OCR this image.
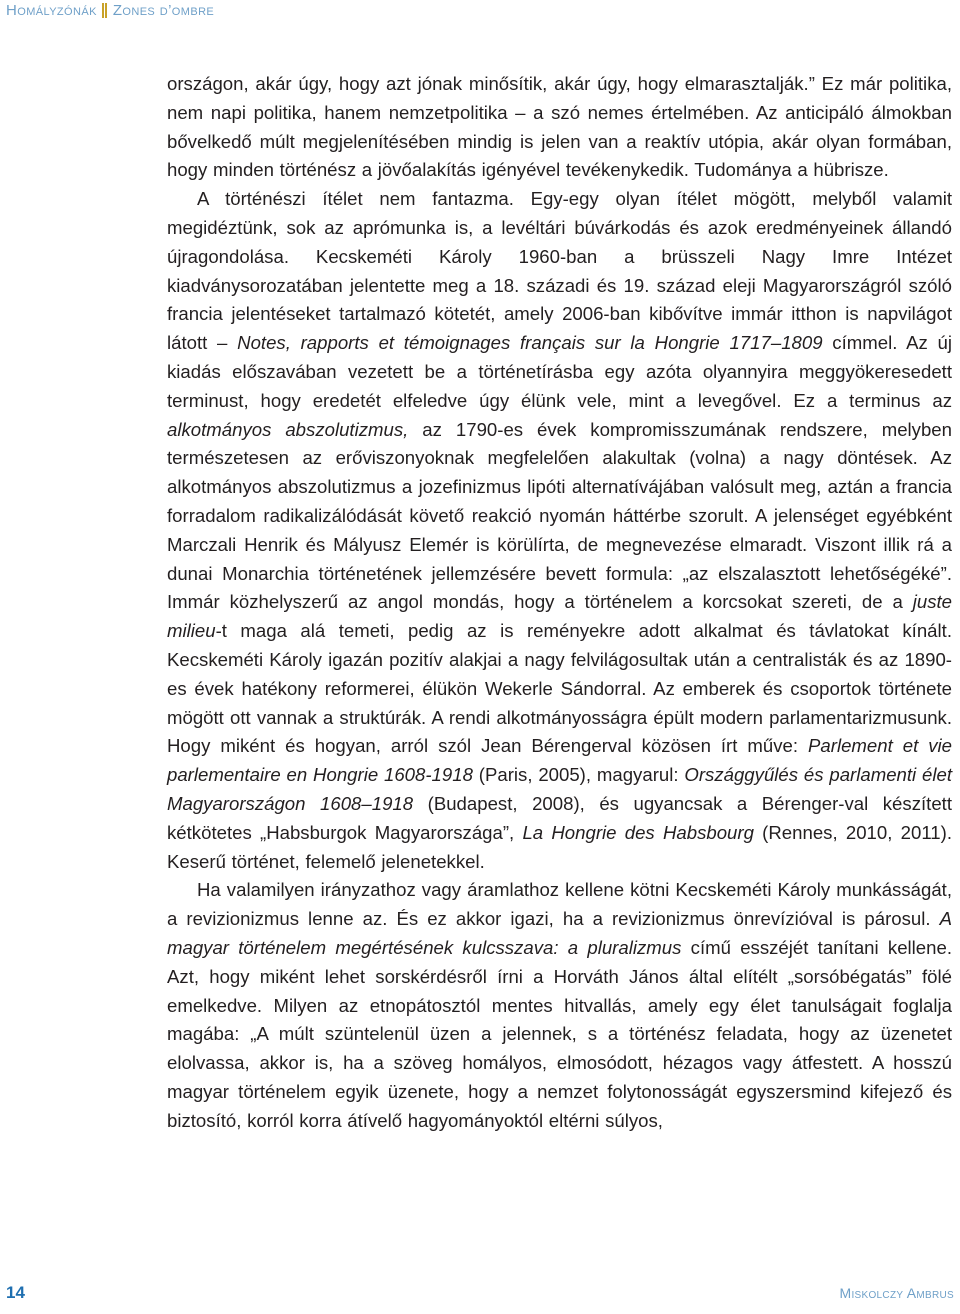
Homályzónák Zones d’ombre

országon, akár úgy, hogy azt jónak minősítik, akár úgy, hogy elmarasztalják.” Ez már politika, nem napi politika, hanem nemzetpolitika – a szó nemes értelmében. Az anticipáló álmokban bővelkedő múlt megjelenítésében mindig is jelen van a reaktív utópia, akár olyan formában, hogy minden történész a jövőalakítás igényével tevékenykedik. Tudománya a hübrisze.

A történészi ítélet nem fantazma. Egy-egy olyan ítélet mögött, melyből valamit megidéztünk, sok az aprómunka is, a levéltári búvárkodás és azok eredményeinek állandó újragondolása. Kecskeméti Károly 1960-ban a brüsszeli Nagy Imre Intézet kiadványsorozatában jelentette meg a 18. századi és 19. század eleji Magyarországról szóló francia jelentéseket tartalmazó kötetét, amely 2006-ban kibővítve immár itthon is napvilágot látott – Notes, rapports et témoignages français sur la Hongrie 1717–1809 címmel. Az új kiadás előszavában vezetett be a történetírásba egy azóta olyannyira meggyökeresedett terminust, hogy eredetét elfeledve úgy élünk vele, mint a levegővel. Ez a terminus az alkotmányos abszolutizmus, az 1790-es évek kompromisszumának rendszere, melyben természetesen az erőviszonyoknak megfelelően alakultak (volna) a nagy döntések. Az alkotmányos abszolutizmus a jozefinizmus lipóti alternatívájában valósult meg, aztán a francia forradalom radikalizálódását követő reakció nyomán háttérbe szorult. A jelenséget egyébként Marczali Henrik és Mályusz Elemér is körülírta, de megnevezése elmaradt. Viszont illik rá a dunai Monarchia történetének jellemzésére bevett formula: „az elszalasztott lehetőségéké”. Immár közhelyszerű az angol mondás, hogy a történelem a korcsokat szereti, de a juste milieu-t maga alá temeti, pedig az is reményekre adott alkalmat és távlatokat kínált. Kecskeméti Károly igazán pozitív alakjai a nagy felvilágosultak után a centralisták és az 1890-es évek hatékony reformerei, élükön Wekerle Sándorral. Az emberek és csoportok története mögött ott vannak a struktúrák. A rendi alkotmányosságra épült modern parlamentarizmusunk. Hogy miként és hogyan, arról szól Jean Bérengerval közösen írt műve: Parlement et vie parlementaire en Hongrie 1608-1918 (Paris, 2005), magyarul: Országgyűlés és parlamenti élet Magyarországon 1608–1918 (Budapest, 2008), és ugyancsak a Bérenger-val készített kétkötetes „Habsburgok Magyarországa”, La Hongrie des Habsbourg (Rennes, 2010, 2011). Keserű történet, felemelő jelenetekkel.

Ha valamilyen irányzathoz vagy áramlathoz kellene kötni Kecskeméti Károly munkásságát, a revizionizmus lenne az. És ez akkor igazi, ha a revizionizmus önrevízióval is párosul. A magyar történelem megértésének kulcsszava: a pluralizmus című esszéjét tanítani kellene. Azt, hogy miként lehet sorskérdésről írni a Horváth János által elítélt „sorsóbégatás” fölé emelkedve. Milyen az etnopátosztól mentes hitvallás, amely egy élet tanulságait foglalja magába: „A múlt szüntelenül üzen a jelennek, s a történész feladata, hogy az üzenetet elolvassa, akkor is, ha a szöveg homályos, elmosódott, hézagos vagy átfestett. A hosszú magyar történelem egyik üzenete, hogy a nemzet folytonosságát egyszersmind kifejező és biztosító, korról korra átívelő hagyományoktól eltérni súlyos,

14	Miskolczy Ambrus
